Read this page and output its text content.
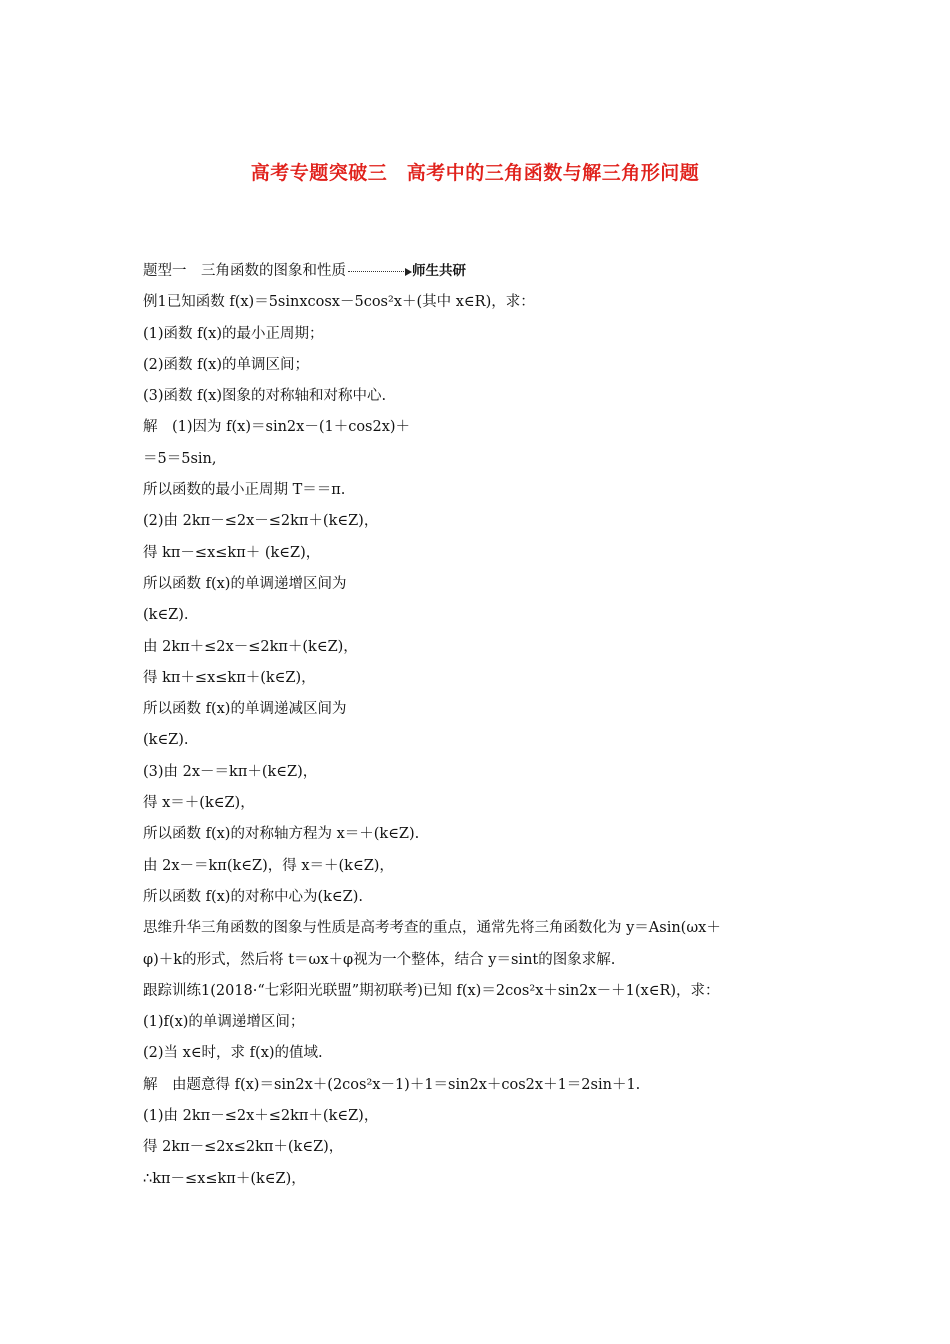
高考专题突破三　高考中的三角函数与解三角形问题
题型一　三角函数的图象和性质	师生共研
例1已知函数 f(x)＝5sinxcosx－5cos²x＋(其中 x∈R)，求：
(1)函数 f(x)的最小正周期；
(2)函数 f(x)的单调区间；
(3)函数 f(x)图象的对称轴和对称中心.
解　(1)因为 f(x)＝sin2x－(1＋cos2x)＋
＝5＝5sin,
所以函数的最小正周期 T＝＝π.
(2)由 2kπ－≤2x－≤2kπ＋(k∈Z)，
得 kπ－≤x≤kπ＋ (k∈Z)，
所以函数 f(x)的单调递增区间为
(k∈Z).
由 2kπ＋≤2x－≤2kπ＋(k∈Z)，
得 kπ＋≤x≤kπ＋(k∈Z)，
所以函数 f(x)的单调递减区间为
(k∈Z).
(3)由 2x－＝kπ＋(k∈Z)，
得 x＝＋(k∈Z)，
所以函数 f(x)的对称轴方程为 x＝＋(k∈Z).
由 2x－＝kπ(k∈Z)，得 x＝＋(k∈Z)，
所以函数 f(x)的对称中心为(k∈Z).
思维升华三角函数的图象与性质是高考考查的重点，通常先将三角函数化为 y＝Asin(ωx＋
φ)＋k的形式，然后将 t＝ωx＋φ视为一个整体，结合 y＝sint的图象求解.
跟踪训练1(2018·“七彩阳光联盟”期初联考)已知 f(x)＝2cos²x＋sin2x－＋1(x∈R)，求：
(1)f(x)的单调递增区间；
(2)当 x∈时，求 f(x)的值域.
解　由题意得 f(x)＝sin2x＋(2cos²x－1)＋1＝sin2x＋cos2x＋1＝2sin＋1.
(1)由 2kπ－≤2x＋≤2kπ＋(k∈Z)，
得 2kπ－≤2x≤2kπ＋(k∈Z)，
∴kπ－≤x≤kπ＋(k∈Z)，
